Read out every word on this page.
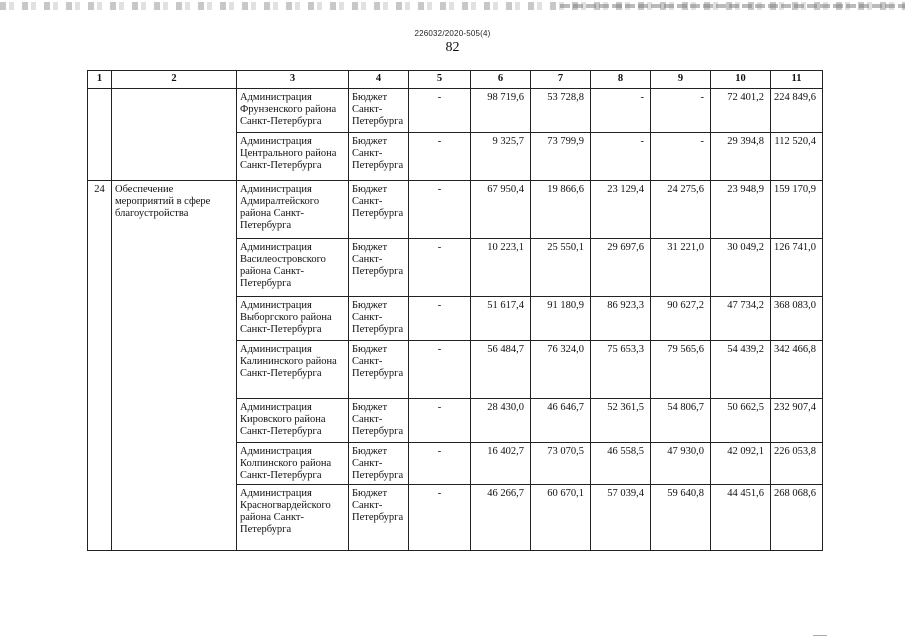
226032/2020-505(4)
82
1	2	3	4	5	6	7	8	9	10	11
		Администрация Фрунзенского района Санкт-Петербурга	Бюджет Санкт-Петербурга	-	98 719,6	53 728,8	-	-	72 401,2	224 849,6
		Администрация Центрального района Санкт-Петербурга	Бюджет Санкт-Петербурга	-	9 325,7	73 799,9	-	-	29 394,8	112 520,4
24	Обеспечение мероприятий в сфере благоустройства	Администрация Адмиралтейского района Санкт-Петербурга	Бюджет Санкт-Петербурга	-	67 950,4	19 866,6	23 129,4	24 275,6	23 948,9	159 170,9
		Администрация Василеостровского района Санкт-Петербурга	Бюджет Санкт-Петербурга	-	10 223,1	25 550,1	29 697,6	31 221,0	30 049,2	126 741,0
		Администрация Выборгского района Санкт-Петербурга	Бюджет Санкт-Петербурга	-	51 617,4	91 180,9	86 923,3	90 627,2	47 734,2	368 083,0
		Администрация Калининского района Санкт-Петербурга	Бюджет Санкт-Петербурга	-	56 484,7	76 324,0	75 653,3	79 565,6	54 439,2	342 466,8
		Администрация Кировского района Санкт-Петербурга	Бюджет Санкт-Петербурга	-	28 430,0	46 646,7	52 361,5	54 806,7	50 662,5	232 907,4
		Администрация Колпинского района Санкт-Петербурга	Бюджет Санкт-Петербурга	-	16 402,7	73 070,5	46 558,5	47 930,0	42 092,1	226 053,8
		Администрация Красногвардейского района Санкт-Петербурга	Бюджет Санкт-Петербурга	-	46 266,7	60 670,1	57 039,4	59 640,8	44 451,6	268 068,6
